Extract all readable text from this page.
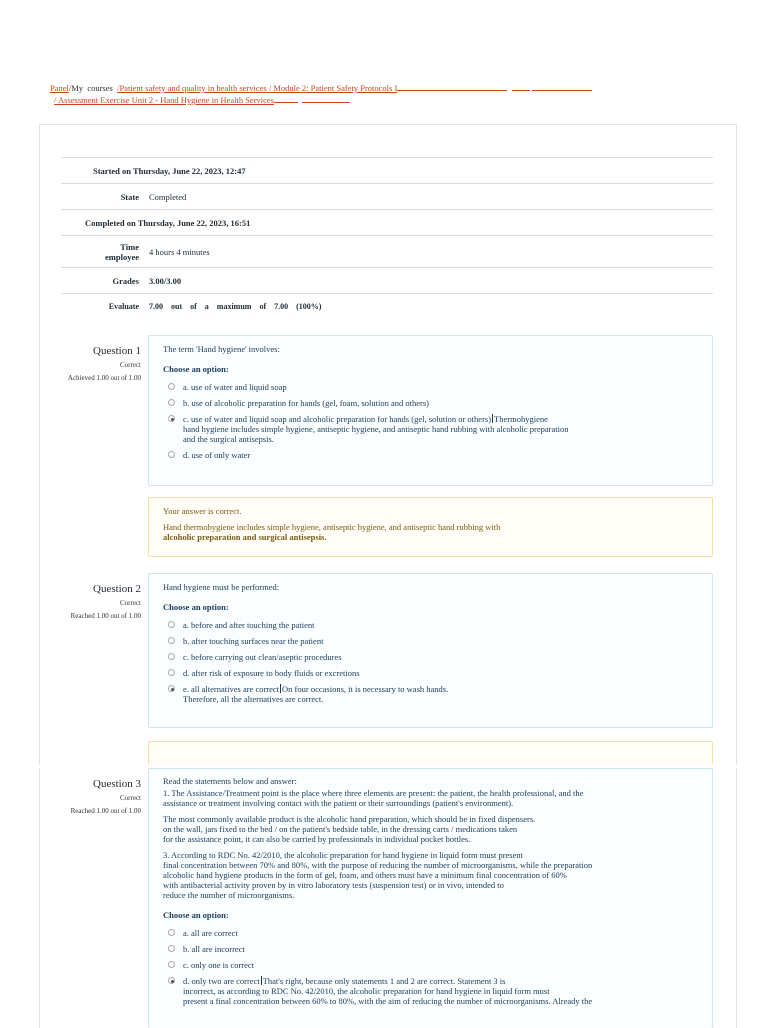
Panel/My courses /Patient safety and quality in health services / Module 2: Patient Safety Protocols I
/ Assessment Exercise Unit 2 - Hand Hygiene in Health Services
Started on Thursday, June 22, 2023, 12:47
State	Completed
Completed on Thursday, June 22, 2023, 16:51
Time
employee	4 hours 4 minutes
Grades	3.00/3.00
Evaluate	7.00    out    of    a    maximum    of    7.00    (100%)
Question 1
Correct
Achieved 1.00 out of 1.00
The term 'Hand hygiene' involves:
Choose an option:
a. use of water and liquid soap
b. use of alcoholic preparation for hands (gel, foam, solution and others)
c. use of water and liquid soap and alcoholic preparation for hands (gel, solution or others) Thermohygiene
hand hygiene includes simple hygiene, antiseptic hygiene, and antiseptic hand rubbing with alcoholic preparation
and the surgical antisepsis.
d. use of only water
Your answer is correct.
Hand thermohygiene includes simple hygiene, antiseptic hygiene, and antiseptic hand rubbing with
alcoholic preparation and surgical antisepsis.
Question 2
Correct
Reached 1.00 out of 1.00
Hand hygiene must be performed:
Choose an option:
a. before and after touching the patient
b. after touching surfaces near the patient
c. before carrying out clean/aseptic procedures
d. after risk of exposure to body fluids or excretions
e. all alternatives are correct On four occasions, it is necessary to wash hands.
Therefore, all the alternatives are correct.
Question 3
Correct
Reached 1.00 out of 1.00
Read the statements below and answer:
1. The Assistance/Treatment point is the place where three elements are present: the patient, the health professional, and the
assistance or treatment involving contact with the patient or their surroundings (patient's environment).
The most commonly available product is the alcoholic hand preparation, which should be in fixed dispensers.
on the wall, jars fixed to the bed / on the patient's bedside table, in the dressing carts / medications taken
for the assistance point, it can also be carried by professionals in individual pocket bottles.
3. According to RDC No. 42/2010, the alcoholic preparation for hand hygiene in liquid form must present
final concentration between 70% and 80%, with the purpose of reducing the number of microorganisms, while the preparation
alcoholic hand hygiene products in the form of gel, foam, and others must have a minimum final concentration of 60%
with antibacterial activity proven by in vitro laboratory tests (suspension test) or in vivo, intended to
reduce the number of microorganisms.
Choose an option:
a. all are correct
b. all are incorrect
c. only one is correct
d. only two are correct That's right, because only statements 1 and 2 are correct. Statement 3 is
incorrect, as according to RDC No. 42/2010, the alcoholic preparation for hand hygiene in liquid form must
present a final concentration between 60% to 80%, with the aim of reducing the number of microorganisms. Already the
